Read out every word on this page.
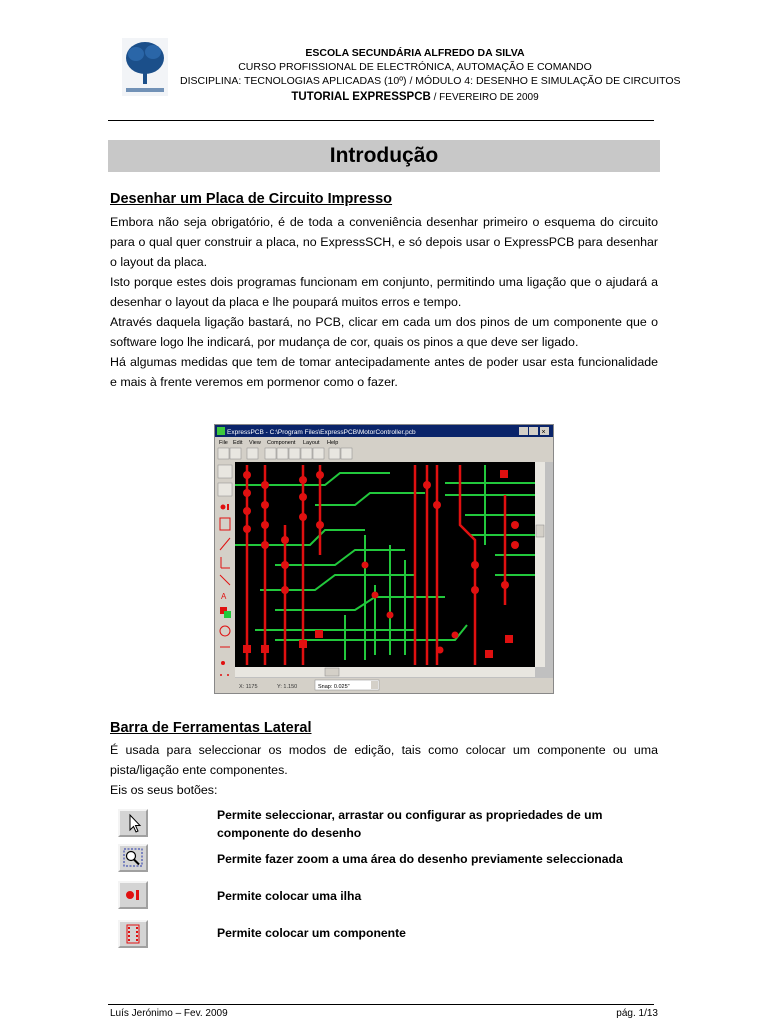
ESCOLA SECUNDÁRIA ALFREDO DA SILVA
CURSO PROFISSIONAL DE ELECTRÓNICA, AUTOMAÇÃO E COMANDO
DISCIPLINA: TECNOLOGIAS APLICADAS (10º) / MÓDULO 4: DESENHO E SIMULAÇÃO DE CIRCUITOS
TUTORIAL EXPRESSPCB / FEVEREIRO DE 2009
Introdução
Desenhar um Placa de Circuito Impresso

Embora não seja obrigatório, é de toda a conveniência desenhar primeiro o esquema do circuito para o qual quer construir a placa, no ExpressSCH, e só depois usar o ExpressPCB para desenhar o layout da placa.

Isto porque estes dois programas funcionam em conjunto, permitindo uma ligação que o ajudará a desenhar o layout da placa e lhe poupará muitos erros e tempo.

Através daquela ligação bastará, no PCB, clicar em cada um dos pinos de um componente que o software logo lhe indicará, por mudança de cor, quais os pinos a que deve ser ligado.

Há algumas medidas que tem de tomar antecipadamente antes de poder usar esta funcionalidade e mais à frente veremos em pormenor como o fazer.

ExpressPCB - C:\Program Files\ExpressPCB\MotorController.pcb	×
File Edit View Component Layout Help
A
X: 1175	Y: 1.150	Snap: 0.025"
Barra de Ferramentas Lateral

É usada para seleccionar os modos de edição, tais como colocar um componente ou uma pista/ligação ente componentes.

Eis os seus botões:

Permite seleccionar, arrastar ou configurar as propriedades de um componente do desenho
Permite fazer zoom a uma área do desenho previamente seleccionada
Permite colocar uma ilha
Permite colocar um componente
Luís Jerónimo – Fev. 2009	pág. 1/13
